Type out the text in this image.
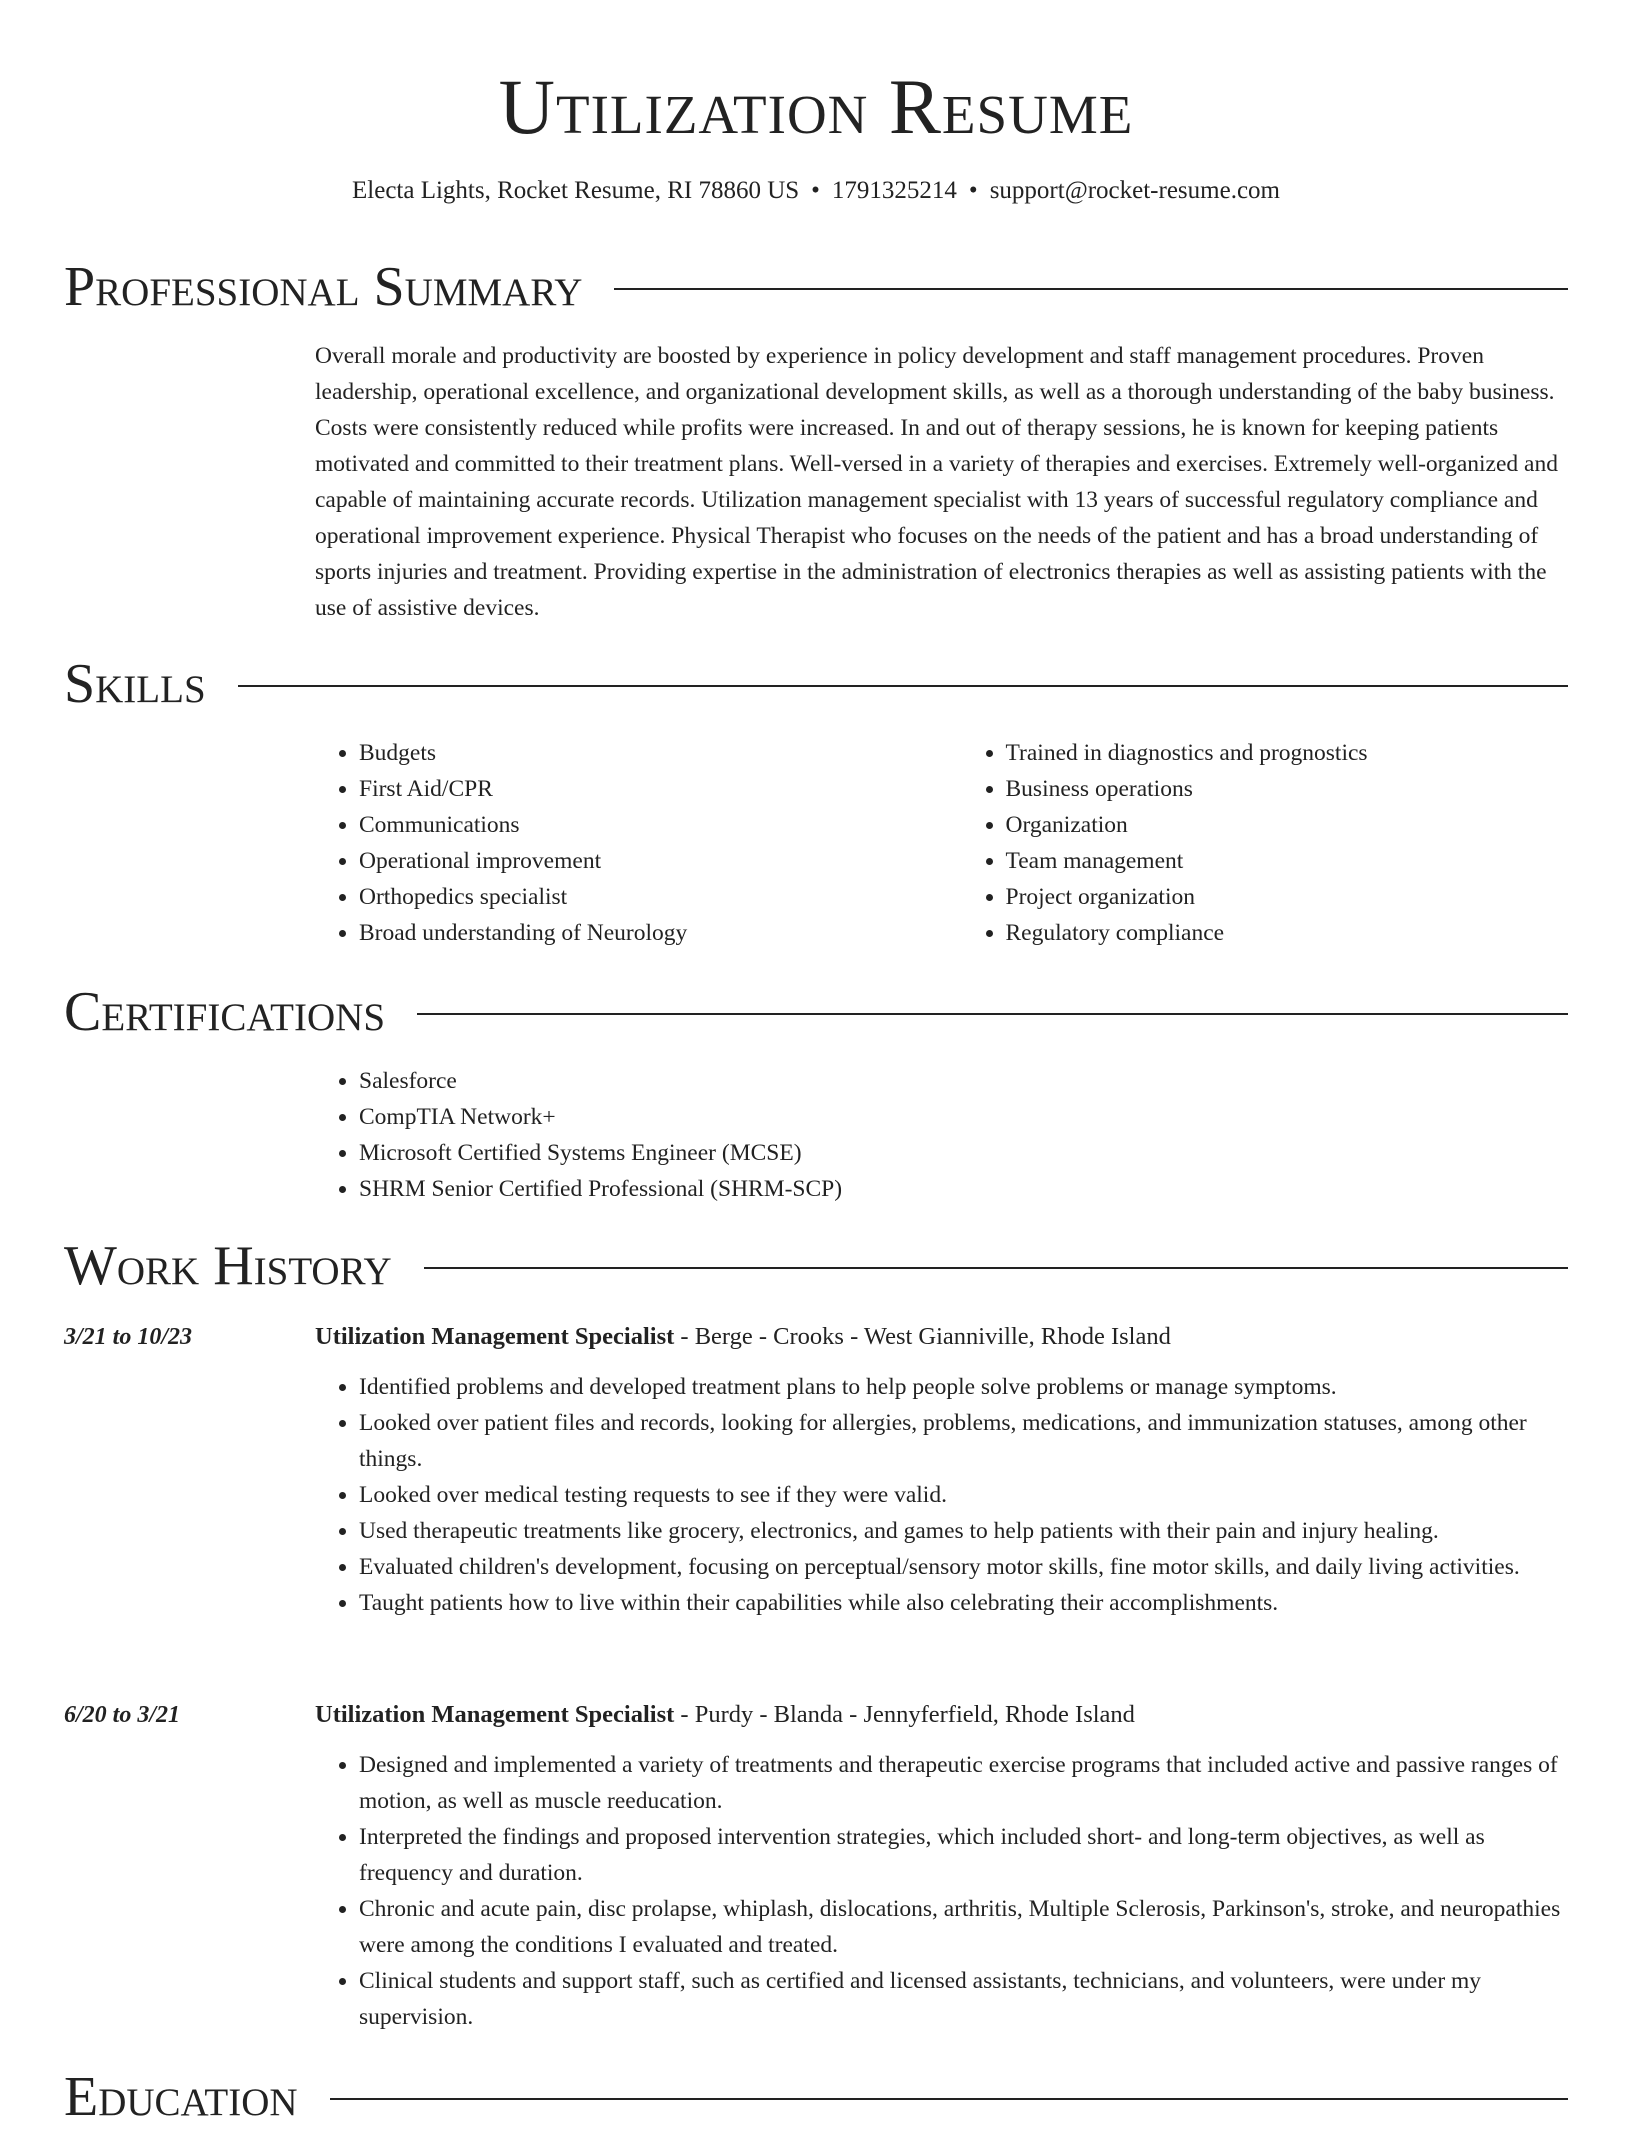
Utilization Resume
Electa Lights, Rocket Resume, RI 78860 US • 1791325214 • support@rocket-resume.com
Professional Summary

Overall morale and productivity are boosted by experience in policy development and staff management procedures. Proven leadership, operational excellence, and organizational development skills, as well as a thorough understanding of the baby business. Costs were consistently reduced while profits were increased. In and out of therapy sessions, he is known for keeping patients motivated and committed to their treatment plans. Well-versed in a variety of therapies and exercises. Extremely well-organized and capable of maintaining accurate records. Utilization management specialist with 13 years of successful regulatory compliance and operational improvement experience. Physical Therapist who focuses on the needs of the patient and has a broad understanding of sports injuries and treatment. Providing expertise in the administration of electronics therapies as well as assisting patients with the use of assistive devices.

Skills
• Budgets
• First Aid/CPR
• Communications
• Operational improvement
• Orthopedics specialist
• Broad understanding of Neurology
• Trained in diagnostics and prognostics
• Business operations
• Organization
• Team management
• Project organization
• Regulatory compliance
Certifications
• Salesforce
• CompTIA Network+
• Microsoft Certified Systems Engineer (MCSE)
• SHRM Senior Certified Professional (SHRM-SCP)
Work History
3/21 to 10/23	Utilization Management Specialist - Berge - Crooks - West Gianniville, Rhode Island
• Identified problems and developed treatment plans to help people solve problems or manage symptoms.
• Looked over patient files and records, looking for allergies, problems, medications, and immunization statuses, among other things.
• Looked over medical testing requests to see if they were valid.
• Used therapeutic treatments like grocery, electronics, and games to help patients with their pain and injury healing.
• Evaluated children's development, focusing on perceptual/sensory motor skills, fine motor skills, and daily living activities.
• Taught patients how to live within their capabilities while also celebrating their accomplishments.
6/20 to 3/21	Utilization Management Specialist - Purdy - Blanda - Jennyferfield, Rhode Island
• Designed and implemented a variety of treatments and therapeutic exercise programs that included active and passive ranges of motion, as well as muscle reeducation.
• Interpreted the findings and proposed intervention strategies, which included short- and long-term objectives, as well as frequency and duration.
• Chronic and acute pain, disc prolapse, whiplash, dislocations, arthritis, Multiple Sclerosis, Parkinson's, stroke, and neuropathies were among the conditions I evaluated and treated.
• Clinical students and support staff, such as certified and licensed assistants, technicians, and volunteers, were under my supervision.
Education
